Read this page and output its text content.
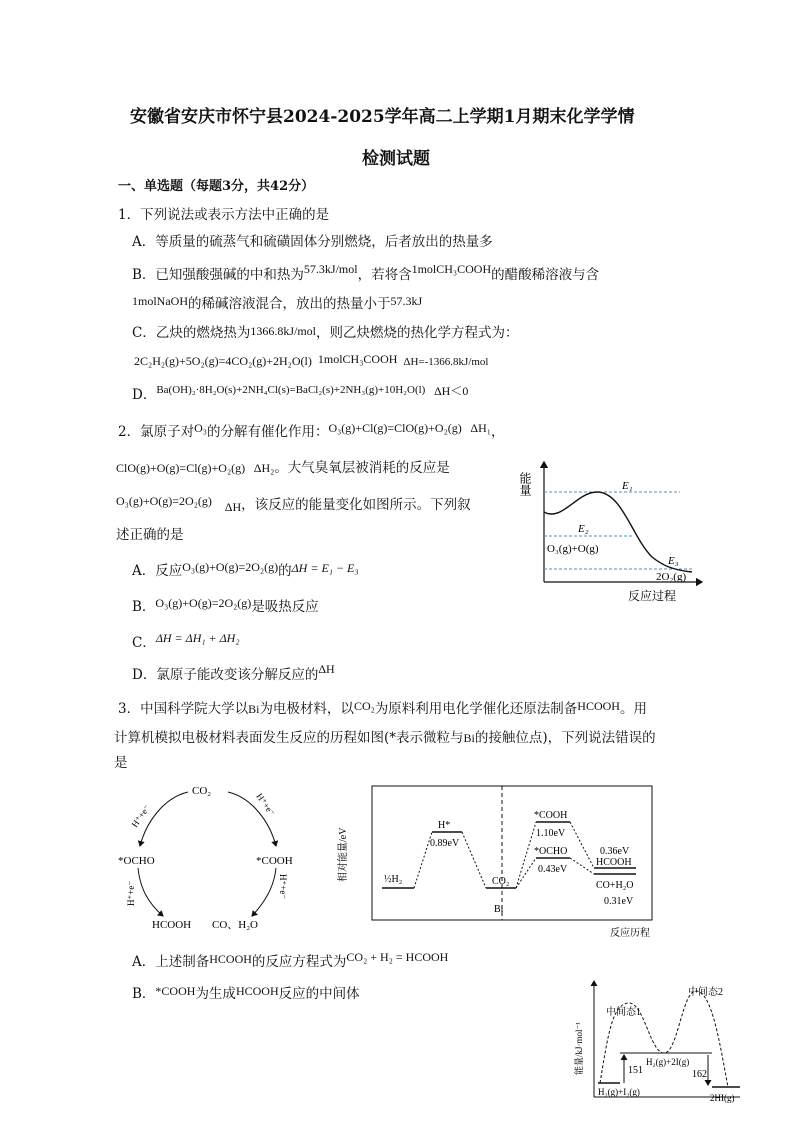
安徽省安庆市怀宁县2024-2025学年高二上学期1月期末化学学情
检测试题
一、单选题（每题3分，共42分）
1．下列说法或表示方法中正确的是
A．等质量的硫蒸气和硫磺固体分别燃烧，后者放出的热量多
B．已知强酸强碱的中和热为57.3kJ/mol，若将含1molCH₃COOH的醋酸稀溶液与含
1molNaOH的稀碱溶液混合，放出的热量小于57.3kJ
C．乙炔的燃烧热为1366.8kJ/mol，则乙炔燃烧的热化学方程式为：
2C₂H₂(g)+5O₂(g)=4CO₂(g)+2H₂O(l) 1molCH₃COOH ΔH=-1366.8kJ/mol
D．$^{Ba(OH)_2\cdot 8H_2O(s)+2NH_4Cl(s)=BaCl_2(s)+2NH_3(g)+10H_2O(l)}$ ΔH＜0
2．氯原子对O₃的分解有催化作用：O₃(g)+Cl(g)=ClO(g)+O₂(g) ΔH₁，
ClO(g)+O(g)=Cl(g)+O₂(g) ΔH₂。大气臭氧层被消耗的反应是
O₃(g)+O(g)=2O₂(g) ΔH，该反应的能量变化如图所示。下列叙
述正确的是
A．反应O₃(g)+O(g)=2O₂(g)的ΔH = E₁ − E₃
B．O₃(g)+O(g)=2O₂(g)是吸热反应
C．ΔH = ΔH₁ + ΔH₂
D．氯原子能改变该分解反应的ΔH
能量	E₁
E₂
E₃
O₃(g)+O(g)
2O₂(g)
反应过程
3．中国科学院大学以Bi为电极材料，以CO₂为原料利用电化学催化还原法制备HCOOH。用
计算机模拟电极材料表面发生反应的历程如图(*表示微粒与Bi的接触位点)，下列说法错误的
是
CO₂
*OCHO	*COOH
HCOOH CO、H₂O
H⁺+e⁻	H⁺+e⁻
H⁺+e⁻	H⁺+e⁻
相对能量/eV	½H₂
H*
0.89eV
CO₂
Bi
*COOH
1.10eV
*OCHO
0.43eV
0.36eV
HCOOH
CO+H₂O
0.31eV
反应历程
A．上述制备HCOOH的反应方程式为CO₂ + H₂ = HCOOH
B．*COOH为生成HCOOH反应的中间体
能量/kJ·mol⁻¹
中间态1
中间态2
151	162
H₂(g)+2I(g)
H₂(g)+I₂(g)
2HI(g)
